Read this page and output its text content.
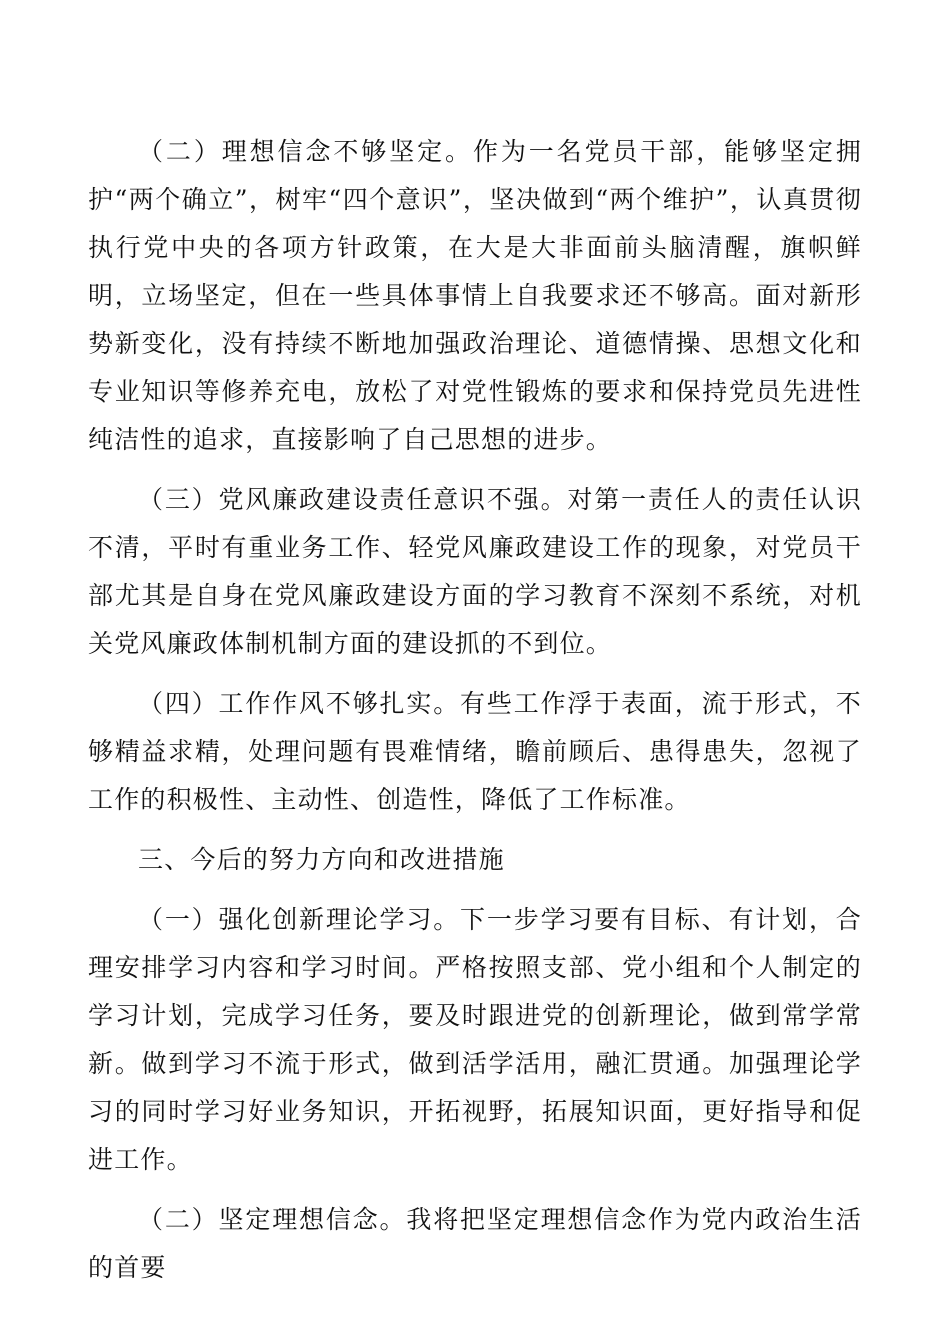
（二）理想信念不够坚定。作为一名党员干部，能够坚定拥护“两个确立”，树牢“四个意识”，坚决做到“两个维护”，认真贯彻执行党中央的各项方针政策，在大是大非面前头脑清醒，旗帜鲜明，立场坚定，但在一些具体事情上自我要求还不够高。面对新形势新变化，没有持续不断地加强政治理论、道德情操、思想文化和专业知识等修养充电，放松了对党性锻炼的要求和保持党员先进性纯洁性的追求，直接影响了自己思想的进步。

（三）党风廉政建设责任意识不强。对第一责任人的责任认识不清，平时有重业务工作、轻党风廉政建设工作的现象，对党员干部尤其是自身在党风廉政建设方面的学习教育不深刻不系统，对机关党风廉政体制机制方面的建设抓的不到位。

（四）工作作风不够扎实。有些工作浮于表面，流于形式，不够精益求精，处理问题有畏难情绪，瞻前顾后、患得患失，忽视了工作的积极性、主动性、创造性，降低了工作标准。

三、今后的努力方向和改进措施

（一）强化创新理论学习。下一步学习要有目标、有计划，合理安排学习内容和学习时间。严格按照支部、党小组和个人制定的学习计划，完成学习任务，要及时跟进党的创新理论，做到常学常新。做到学习不流于形式，做到活学活用，融汇贯通。加强理论学习的同时学习好业务知识，开拓视野，拓展知识面，更好指导和促进工作。

（二）坚定理想信念。我将把坚定理想信念作为党内政治生活的首要
